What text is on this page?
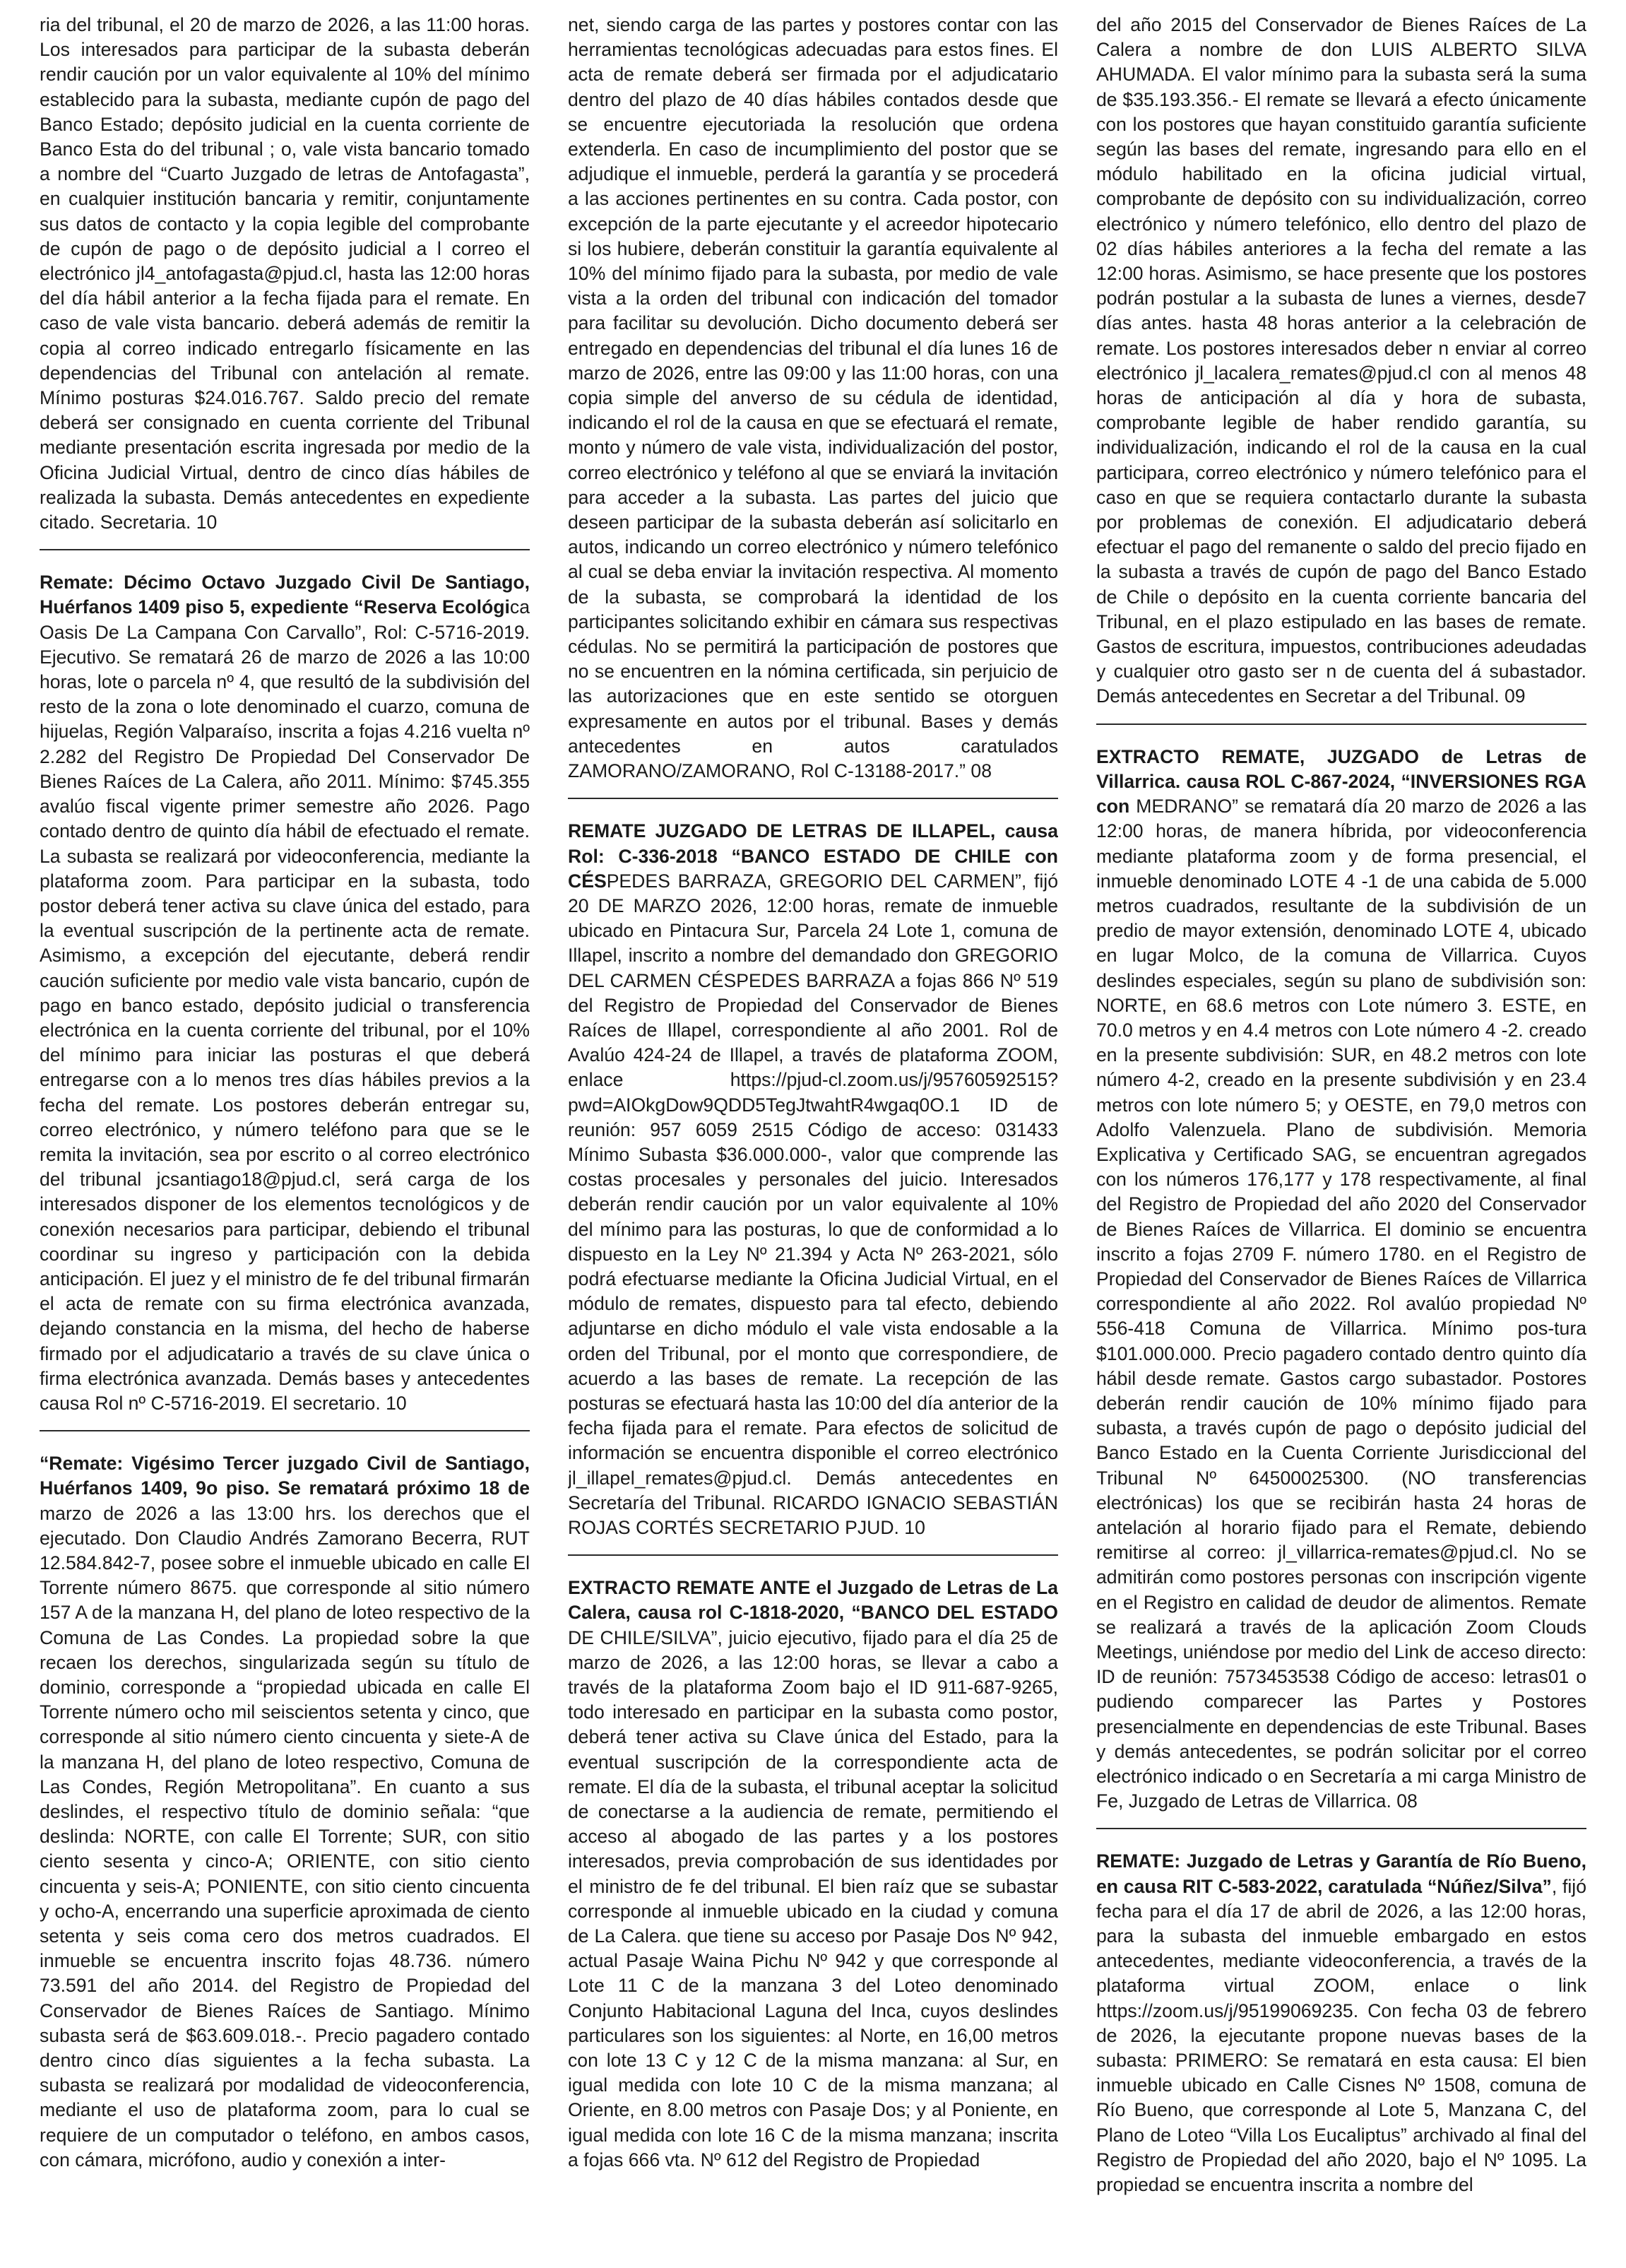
ria del tribunal, el 20 de marzo de 2026, a las 11:00 horas. Los interesados para participar de la subasta deberán rendir caución por un valor equivalente al 10% del mínimo establecido para la subasta, mediante cupón de pago del Banco Estado; depósito judicial en la cuenta corriente de Banco Esta do del tribunal ; o, vale vista bancario tomado a nombre del “Cuarto Juzgado de letras de Antofagasta”, en cualquier institución bancaria y remitir, conjuntamente sus datos de contacto y la copia legible del comprobante de cupón de pago o de depósito judicial a l correo el electrónico jl4_antofagasta@pjud.cl, hasta las 12:00 horas del día hábil anterior a la fecha fijada para el remate. En caso de vale vista bancario. deberá además de remitir la copia al correo indicado entregarlo físicamente en las dependencias del Tribunal con antelación al remate. Mínimo posturas $24.016.767. Saldo precio del remate deberá ser consignado en cuenta corriente del Tribunal mediante presentación escrita ingresada por medio de la Oficina Judicial Virtual, dentro de cinco días hábiles de realizada la subasta. Demás antecedentes en expediente citado. Secretaria. 10

Remate: Décimo Octavo Juzgado Civil De Santiago, Huérfanos 1409 piso 5, expediente “Reserva Ecológica Oasis De La Campana Con Carvallo”, Rol: C-5716-2019. Ejecutivo. Se rematará 26 de marzo de 2026 a las 10:00 horas, lote o parcela nº 4, que resultó de la subdivisión del resto de la zona o lote denominado el cuarzo, comuna de hijuelas, Región Valparaíso, inscrita a fojas 4.216 vuelta nº 2.282 del Registro De Propiedad Del Conservador De Bienes Raíces de La Calera, año 2011. Mínimo: $745.355 avalúo fiscal vigente primer semestre año 2026. Pago contado dentro de quinto día hábil de efectuado el remate. La subasta se realizará por videoconferencia, mediante la plataforma zoom. Para participar en la subasta, todo postor deberá tener activa su clave única del estado, para la eventual suscripción de la pertinente acta de remate. Asimismo, a excepción del ejecutante, deberá rendir caución suficiente por medio vale vista bancario, cupón de pago en banco estado, depósito judicial o transferencia electrónica en la cuenta corriente del tribunal, por el 10% del mínimo para iniciar las posturas el que deberá entregarse con a lo menos tres días hábiles previos a la fecha del remate. Los postores deberán entregar su, correo electrónico, y número teléfono para que se le remita la invitación, sea por escrito o al correo electrónico del tribunal jcsantiago18@pjud.cl, será carga de los interesados disponer de los elementos tecnológicos y de conexión necesarios para participar, debiendo el tribunal coordinar su ingreso y participación con la debida anticipación. El juez y el ministro de fe del tribunal firmarán el acta de remate con su firma electrónica avanzada, dejando constancia en la misma, del hecho de haberse firmado por el adjudicatario a través de su clave única o firma electrónica avanzada. Demás bases y antecedentes causa Rol nº C-5716-2019. El secretario. 10

“Remate: Vigésimo Tercer juzgado Civil de Santiago, Huérfanos 1409, 9o piso. Se rematará próximo 18 de marzo de 2026 a las 13:00 hrs. los derechos que el ejecutado. Don Claudio Andrés Zamorano Becerra, RUT 12.584.842-7, posee sobre el inmueble ubicado en calle El Torrente número 8675. que corresponde al sitio número 157 A de la manzana H, del plano de loteo respectivo de la Comuna de Las Condes. La propiedad sobre la que recaen los derechos, singularizada según su título de dominio, corresponde a “propiedad ubicada en calle El Torrente número ocho mil seiscientos setenta y cinco, que corresponde al sitio número ciento cincuenta y siete-A de la manzana H, del plano de loteo respectivo, Comuna de Las Condes, Región Metropolitana”. En cuanto a sus deslindes, el respectivo título de dominio señala: “que deslinda: NORTE, con calle El Torrente; SUR, con sitio ciento sesenta y cinco-A; ORIENTE, con sitio ciento cincuenta y seis-A; PONIENTE, con sitio ciento cincuenta y ocho-A, encerrando una superficie aproximada de ciento setenta y seis coma cero dos metros cuadrados. El inmueble se encuentra inscrito fojas 48.736. número 73.591 del año 2014. del Registro de Propiedad del Conservador de Bienes Raíces de Santiago. Mínimo subasta será de $63.609.018.-. Precio pagadero contado dentro cinco días siguientes a la fecha subasta. La subasta se realizará por modalidad de videoconferencia, mediante el uso de plataforma zoom, para lo cual se requiere de un computador o teléfono, en ambos casos, con cámara, micrófono, audio y conexión a inter-

net, siendo carga de las partes y postores contar con las herramientas tecnológicas adecuadas para estos fines. El acta de remate deberá ser firmada por el adjudicatario dentro del plazo de 40 días hábiles contados desde que se encuentre ejecutoriada la resolución que ordena extenderla. En caso de incumplimiento del postor que se adjudique el inmueble, perderá la garantía y se procederá a las acciones pertinentes en su contra. Cada postor, con excepción de la parte ejecutante y el acreedor hipotecario si los hubiere, deberán constituir la garantía equivalente al 10% del mínimo fijado para la subasta, por medio de vale vista a la orden del tribunal con indicación del tomador para facilitar su devolución. Dicho documento deberá ser entregado en dependencias del tribunal el día lunes 16 de marzo de 2026, entre las 09:00 y las 11:00 horas, con una copia simple del anverso de su cédula de identidad, indicando el rol de la causa en que se efectuará el remate, monto y número de vale vista, individualización del postor, correo electrónico y teléfono al que se enviará la invitación para acceder a la subasta. Las partes del juicio que deseen participar de la subasta deberán así solicitarlo en autos, indicando un correo electrónico y número telefónico al cual se deba enviar la invitación respectiva. Al momento de la subasta, se comprobará la identidad de los participantes solicitando exhibir en cámara sus respectivas cédulas. No se permitirá la participación de postores que no se encuentren en la nómina certificada, sin perjuicio de las autorizaciones que en este sentido se otorguen expresamente en autos por el tribunal. Bases y demás antecedentes en autos caratulados ZAMORANO/ZAMORANO, Rol C-13188-2017.” 08

REMATE JUZGADO DE LETRAS DE ILLAPEL, causa Rol: C-336-2018 “BANCO ESTADO DE CHILE con CÉSPEDES BARRAZA, GREGORIO DEL CARMEN”, fijó 20 DE MARZO 2026, 12:00 horas, remate de inmueble ubicado en Pintacura Sur, Parcela 24 Lote 1, comuna de Illapel, inscrito a nombre del demandado don GREGORIO DEL CARMEN CÉSPEDES BARRAZA a fojas 866 Nº 519 del Registro de Propiedad del Conservador de Bienes Raíces de Illapel, correspondiente al año 2001. Rol de Avalúo 424-24 de Illapel, a través de plataforma ZOOM, enlace https://pjud-cl.zoom.us/j/95760592515?pwd=AIOkgDow9QDD5TegJtwahtR4wgaq0O.1 ID de reunión: 957 6059 2515 Código de acceso: 031433 Mínimo Subasta $36.000.000-, valor que comprende las costas procesales y personales del juicio. Interesados deberán rendir caución por un valor equivalente al 10% del mínimo para las posturas, lo que de conformidad a lo dispuesto en la Ley Nº 21.394 y Acta Nº 263-2021, sólo podrá efectuarse mediante la Oficina Judicial Virtual, en el módulo de remates, dispuesto para tal efecto, debiendo adjuntarse en dicho módulo el vale vista endosable a la orden del Tribunal, por el monto que correspondiere, de acuerdo a las bases de remate. La recepción de las posturas se efectuará hasta las 10:00 del día anterior de la fecha fijada para el remate. Para efectos de solicitud de información se encuentra disponible el correo electrónico jl_illapel_remates@pjud.cl. Demás antecedentes en Secretaría del Tribunal. RICARDO IGNACIO SEBASTIÁN ROJAS CORTÉS SECRETARIO PJUD. 10

EXTRACTO REMATE ANTE el Juzgado de Letras de La Calera, causa rol C-1818-2020, “BANCO DEL ESTADO DE CHILE/SILVA”, juicio ejecutivo, fijado para el día 25 de marzo de 2026, a las 12:00 horas, se llevar a cabo a través de la plataforma Zoom bajo el ID 911-687-9265, todo interesado en participar en la subasta como postor, deberá tener activa su Clave única del Estado, para la eventual suscripción de la correspondiente acta de remate. El día de la subasta, el tribunal aceptar la solicitud de conectarse a la audiencia de remate, permitiendo el acceso al abogado de las partes y a los postores interesados, previa comprobación de sus identidades por el ministro de fe del tribunal. El bien raíz que se subastar corresponde al inmueble ubicado en la ciudad y comuna de La Calera. que tiene su acceso por Pasaje Dos Nº 942, actual Pasaje Waina Pichu Nº 942 y que corresponde al Lote 11 C de la manzana 3 del Loteo denominado Conjunto Habitacional Laguna del Inca, cuyos deslindes particulares son los siguientes: al Norte, en 16,00 metros con lote 13 C y 12 C de la misma manzana: al Sur, en igual medida con lote 10 C de la misma manzana; al Oriente, en 8.00 metros con Pasaje Dos; y al Poniente, en igual medida con lote 16 C de la misma manzana; inscrita a fojas 666 vta. Nº 612 del Registro de Propiedad

del año 2015 del Conservador de Bienes Raíces de La Calera a nombre de don LUIS ALBERTO SILVA AHUMADA. El valor mínimo para la subasta será la suma de $35.193.356.- El remate se llevará a efecto únicamente con los postores que hayan constituido garantía suficiente según las bases del remate, ingresando para ello en el módulo habilitado en la oficina judicial virtual, comprobante de depósito con su individualización, correo electrónico y número telefónico, ello dentro del plazo de 02 días hábiles anteriores a la fecha del remate a las 12:00 horas. Asimismo, se hace presente que los postores podrán postular a la subasta de lunes a viernes, desde7 días antes. hasta 48 horas anterior a la celebración de remate. Los postores interesados deber n enviar al correo electrónico jl_lacalera_remates@pjud.cl con al menos 48 horas de anticipación al día y hora de subasta, comprobante legible de haber rendido garantía, su individualización, indicando el rol de la causa en la cual participara, correo electrónico y número telefónico para el caso en que se requiera contactarlo durante la subasta por problemas de conexión. El adjudicatario deberá efectuar el pago del remanente o saldo del precio fijado en la subasta a través de cupón de pago del Banco Estado de Chile o depósito en la cuenta corriente bancaria del Tribunal, en el plazo estipulado en las bases de remate. Gastos de escritura, impuestos, contribuciones adeudadas y cualquier otro gasto ser n de cuenta del á subastador. Demás antecedentes en Secretar a del Tribunal. 09

EXTRACTO REMATE, JUZGADO de Letras de Villarrica. causa ROL C-867-2024, “INVERSIONES RGA con MEDRANO” se rematará día 20 marzo de 2026 a las 12:00 horas, de manera híbrida, por videoconferencia mediante plataforma zoom y de forma presencial, el inmueble denominado LOTE 4 -1 de una cabida de 5.000 metros cuadrados, resultante de la subdivisión de un predio de mayor extensión, denominado LOTE 4, ubicado en lugar Molco, de la comuna de Villarrica. Cuyos deslindes especiales, según su plano de subdivisión son: NORTE, en 68.6 metros con Lote número 3. ESTE, en 70.0 metros y en 4.4 metros con Lote número 4 -2. creado en la presente subdivisión: SUR, en 48.2 metros con lote número 4-2, creado en la presente subdivisión y en 23.4 metros con lote número 5; y OESTE, en 79,0 metros con Adolfo Valenzuela. Plano de subdivisión. Memoria Explicativa y Certificado SAG, se encuentran agregados con los números 176,177 y 178 respectivamente, al final del Registro de Propiedad del año 2020 del Conservador de Bienes Raíces de Villarrica. El dominio se encuentra inscrito a fojas 2709 F. número 1780. en el Registro de Propiedad del Conservador de Bienes Raíces de Villarrica correspondiente al año 2022. Rol avalúo propiedad Nº 556-418 Comuna de Villarrica. Mínimo pos-tura $101.000.000. Precio pagadero contado dentro quinto día hábil desde remate. Gastos cargo subastador. Postores deberán rendir caución de 10% mínimo fijado para subasta, a través cupón de pago o depósito judicial del Banco Estado en la Cuenta Corriente Jurisdiccional del Tribunal Nº 64500025300. (NO transferencias electrónicas) los que se recibirán hasta 24 horas de antelación al horario fijado para el Remate, debiendo remitirse al correo: jl_villarrica-remates@pjud.cl. No se admitirán como postores personas con inscripción vigente en el Registro en calidad de deudor de alimentos. Remate se realizará a través de la aplicación Zoom Clouds Meetings, uniéndose por medio del Link de acceso directo: ID de reunión: 7573453538 Código de acceso: letras01 o pudiendo comparecer las Partes y Postores presencialmente en dependencias de este Tribunal. Bases y demás antecedentes, se podrán solicitar por el correo electrónico indicado o en Secretaría a mi carga Ministro de Fe, Juzgado de Letras de Villarrica. 08

REMATE: Juzgado de Letras y Garantía de Río Bueno, en causa RIT C-583-2022, caratulada “Núñez/Silva”, fijó fecha para el día 17 de abril de 2026, a las 12:00 horas, para la subasta del inmueble embargado en estos antecedentes, mediante videoconferencia, a través de la plataforma virtual ZOOM, enlace o link https://zoom.us/j/95199069235. Con fecha 03 de febrero de 2026, la ejecutante propone nuevas bases de la subasta: PRIMERO: Se rematará en esta causa: El bien inmueble ubicado en Calle Cisnes Nº 1508, comuna de Río Bueno, que corresponde al Lote 5, Manzana C, del Plano de Loteo “Villa Los Eucaliptus” archivado al final del Registro de Propiedad del año 2020, bajo el Nº 1095. La propiedad se encuentra inscrita a nombre del
